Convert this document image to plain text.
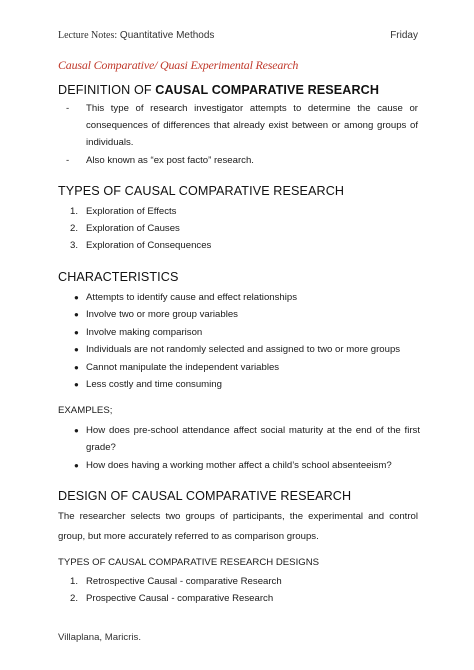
Lecture Notes: Quantitative Methods	Friday
Causal Comparative/ Quasi Experimental Research
DEFINITION OF CAUSAL COMPARATIVE RESEARCH
-	This type of research investigator attempts to determine the cause or consequences of differences that already exist between or among groups of individuals.
-	Also known as “ex post facto” research.
TYPES OF CAUSAL COMPARATIVE RESEARCH
1. Exploration of Effects
2. Exploration of Causes
3. Exploration of Consequences
CHARACTERISTICS
● Attempts to identify cause and effect relationships
● Involve two or more group variables
● Involve making comparison
● Individuals are not randomly selected and assigned to two or more groups
● Cannot manipulate the independent variables
● Less costly and time consuming
EXAMPLES;
● How does pre-school attendance affect social maturity at the end of the first grade?
● How does having a working mother affect a child’s school absenteeism?
DESIGN OF CAUSAL COMPARATIVE RESEARCH
The researcher selects two groups of participants, the experimental and control group, but more accurately referred to as comparison groups.
TYPES OF CAUSAL COMPARATIVE RESEARCH DESIGNS
1. Retrospective Causal - comparative Research
2. Prospective Causal - comparative Research
Villaplana, Maricris.
